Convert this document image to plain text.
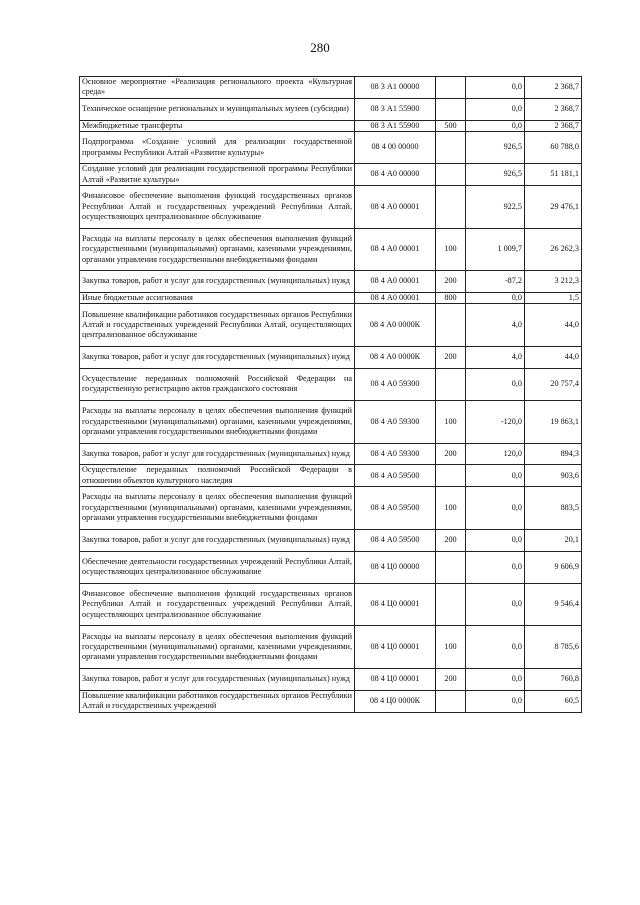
280
Основное мероприятие «Реализация регионального проекта «Культурная среда»	08 3 А1 00000		0,0	2 368,7
Техническое оснащение региональных и муниципальных музеев (субсидии)	08 3 А1 55900		0,0	2 368,7
Межбюджетные трансферты	08 3 А1 55900	500	0,0	2 368,7
Подпрограмма «Создание условий для реализации государственной программы Республики Алтай «Развитие культуры»	08 4 00 00000		926,5	60 788,0
Создание условий для реализации государственной программы Республики Алтай «Развитие культуры»	08 4 А0 00000		926,5	51 181,1
Финансовое обеспечение выполнения функций государственных органов Республики Алтай и государственных учреждений Республики Алтай, осуществляющих централизованное обслуживание	08 4 А0 00001		922,5	29 476,1
Расходы на выплаты персоналу в целях обеспечения выполнения функций государственными (муниципальными) органами, казенными учреждениями, органами управления государственными внебюджетными фондами	08 4 А0 00001	100	1 009,7	26 262,3
Закупка товаров, работ и услуг для государственных (муниципальных) нужд	08 4 А0 00001	200	-87,2	3 212,3
Иные бюджетные ассигнования	08 4 А0 00001	800	0,0	1,5
Повышение квалификации работников государственных органов Республики Алтай и государственных учреждений Республики Алтай, осуществляющих централизованное обслуживание	08 4 А0 0000К		4,0	44,0
Закупка товаров, работ и услуг для государственных (муниципальных) нужд	08 4 А0 0000К	200	4,0	44,0
Осуществление переданных полномочий Российской Федерации на государственную регистрацию актов гражданского состояния	08 4 А0 59300		0,0	20 757,4
Расходы на выплаты персоналу в целях обеспечения выполнения функций государственными (муниципальными) органами, казенными учреждениями, органами управления государственными внебюджетными фондами	08 4 А0 59300	100	-120,0	19 863,1
Закупка товаров, работ и услуг для государственных (муниципальных) нужд	08 4 А0 59300	200	120,0	894,3
Осуществление переданных полномочий Российской Федерации в отношении объектов культурного наследия	08 4 А0 59500		0,0	903,6
Расходы на выплаты персоналу в целях обеспечения выполнения функций государственными (муниципальными) органами, казенными учреждениями, органами управления государственными внебюджетными фондами	08 4 А0 59500	100	0,0	883,5
Закупка товаров, работ и услуг для государственных (муниципальных) нужд	08 4 А0 59500	200	0,0	20,1
Обеспечение деятельности государственных учреждений Республики Алтай, осуществляющих централизованное обслуживание	08 4 Ц0 00000		0,0	9 606,9
Финансовое обеспечение выполнения функций государственных органов Республики Алтай и государственных учреждений Республики Алтай, осуществляющих централизованное обслуживание	08 4 Ц0 00001		0,0	9 546,4
Расходы на выплаты персоналу в целях обеспечения выполнения функций государственными (муниципальными) органами, казенными учреждениями, органами управления государственными внебюджетными фондами	08 4 Ц0 00001	100	0,0	8 785,6
Закупка товаров, работ и услуг для государственных (муниципальных) нужд	08 4 Ц0 00001	200	0,0	760,8
Повышение квалификации работников государственных органов Республики Алтай и государственных учреждений	08 4 Ц0 0000К		0,0	60,5
